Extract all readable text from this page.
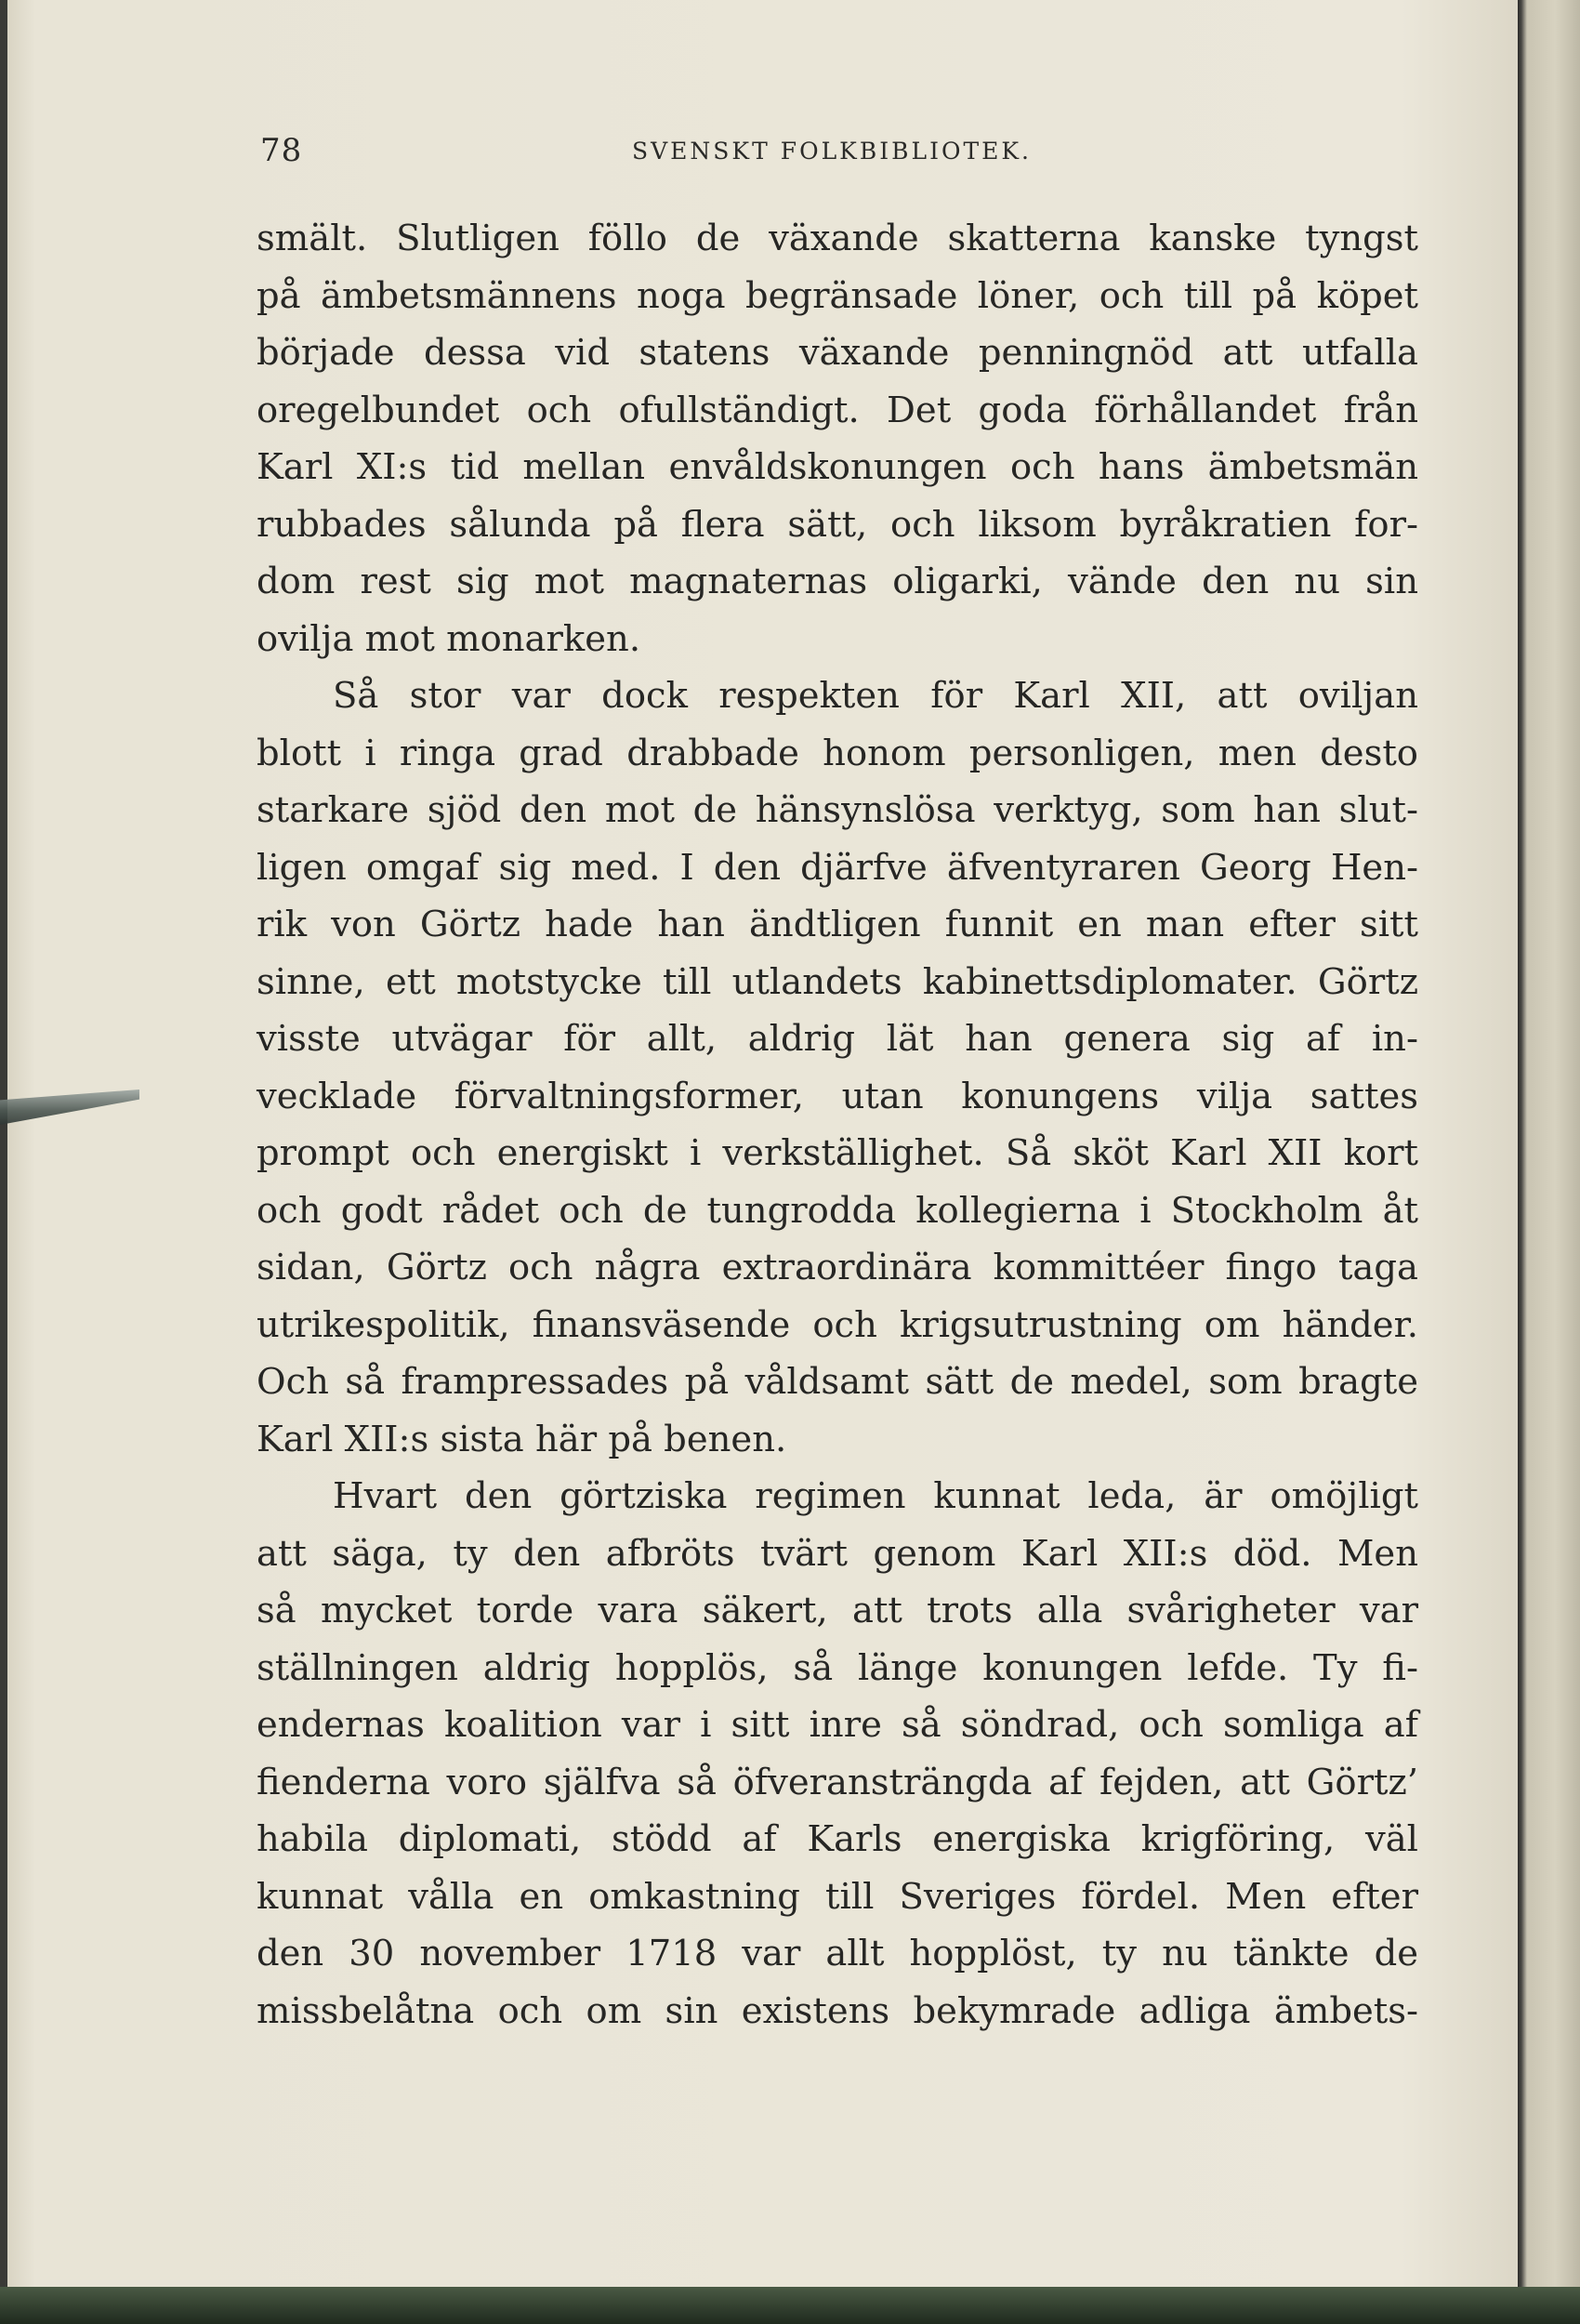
78	SVENSKT FOLKBIBLIOTEK.
smält. Slutligen föllo de växande skatterna kanske tyngst
på ämbetsmännens noga begränsade löner, och till på köpet
började dessa vid statens växande penningnöd att utfalla
oregelbundet och ofullständigt. Det goda förhållandet från
Karl XI:s tid mellan envåldskonungen och hans ämbetsmän
rubbades sålunda på flera sätt, och liksom byråkratien for-
dom rest sig mot magnaternas oligarki, vände den nu sin
ovilja mot monarken.
Så stor var dock respekten för Karl XII, att oviljan
blott i ringa grad drabbade honom personligen, men desto
starkare sjöd den mot de hänsynslösa verktyg, som han slut-
ligen omgaf sig med. I den djärfve äfventyraren Georg Hen-
rik von Görtz hade han ändtligen funnit en man efter sitt
sinne, ett motstycke till utlandets kabinettsdiplomater. Görtz
visste utvägar för allt, aldrig lät han genera sig af in-
vecklade förvaltningsformer, utan konungens vilja sattes
prompt och energiskt i verkställighet. Så sköt Karl XII kort
och godt rådet och de tungrodda kollegierna i Stockholm åt
sidan, Görtz och några extraordinära kommittéer fingo taga
utrikespolitik, finansväsende och krigsutrustning om händer.
Och så frampressades på våldsamt sätt de medel, som bragte
Karl XII:s sista här på benen.
Hvart den görtziska regimen kunnat leda, är omöjligt
att säga, ty den afbröts tvärt genom Karl XII:s död. Men
så mycket torde vara säkert, att trots alla svårigheter var
ställningen aldrig hopplös, så länge konungen lefde. Ty fi-
endernas koalition var i sitt inre så söndrad, och somliga af
fienderna voro själfva så öfveransträngda af fejden, att Görtz’
habila diplomati, stödd af Karls energiska krigföring, väl
kunnat vålla en omkastning till Sveriges fördel. Men efter
den 30 november 1718 var allt hopplöst, ty nu tänkte de
missbelåtna och om sin existens bekymrade adliga ämbets-
